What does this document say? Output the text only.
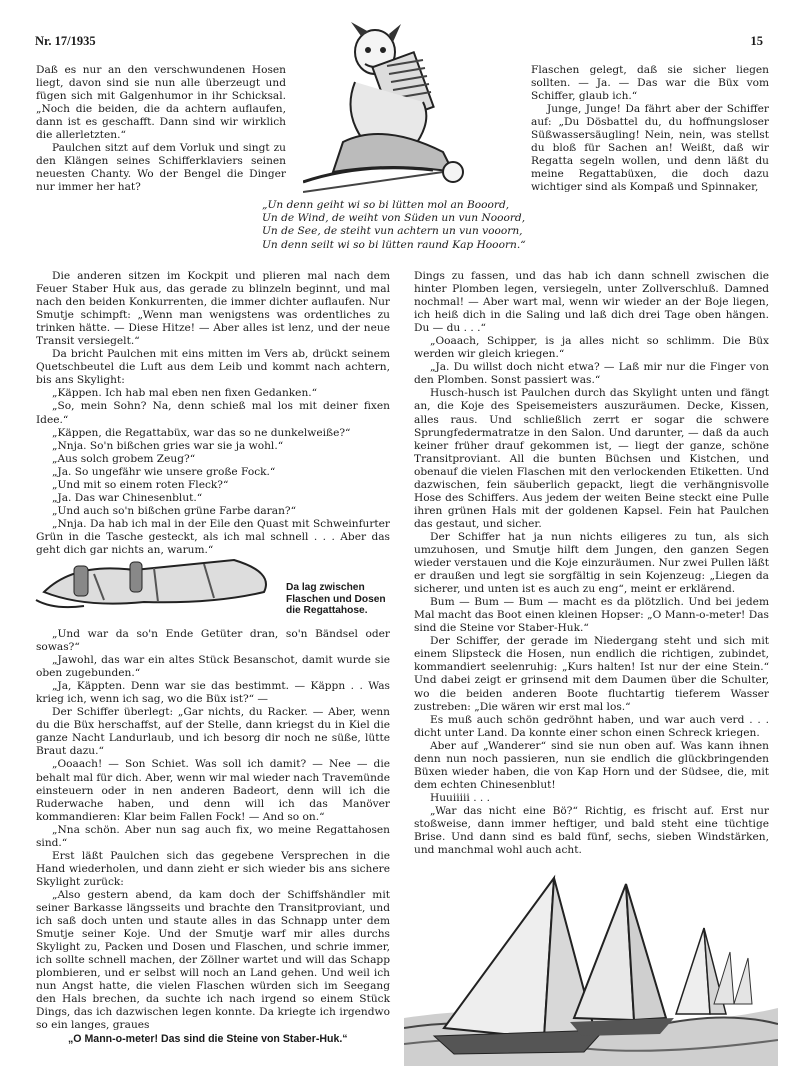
Nr. 17/1935	15

Daß es nur an den verschwundenen Hosen liegt, davon sind sie nun alle überzeugt und fügen sich mit Galgenhumor in ihr Schicksal. „Noch die beiden, die da achtern auflaufen, dann ist es geschafft. Dann sind wir wirklich die allerletzten.“

Paulchen sitzt auf dem Vorluk und singt zu den Klängen seines Schifferklaviers seinen neuesten Chanty. Wo der Bengel die Dinger nur immer her hat?

Flaschen gelegt, daß sie sicher liegen sollten. — Ja. — Das war die Büx vom Schiffer, glaub ich.“

Junge, Junge! Da fährt aber der Schiffer auf: „Du Dösbattel du, du hoffnungsloser Süßwassersäugling! Nein, nein, was stellst du bloß für Sachen an! Weißt, daß wir Regatta segeln wollen, und denn läßt du meine Regattabüxen, die doch dazu wichtiger sind als Kompaß und Spinnaker,

„Un denn geiht wi so bi lütten mol an Booord,
Un de Wind, de weiht von Süden un vun Nooord,
Un de See, de steiht vun achtern un vun vooorn,
Un denn seilt wi so bi lütten raund Kap Hooorn.“

Die anderen sitzen im Kockpit und plieren mal nach dem Feuer Staber Huk aus, das gerade zu blinzeln beginnt, und mal nach den beiden Konkurrenten, die immer dichter auflaufen. Nur Smutje schimpft: „Wenn man wenigstens was ordentliches zu trinken hätte. — Diese Hitze! — Aber alles ist lenz, und der neue Transit versiegelt.“

Da bricht Paulchen mit eins mitten im Vers ab, drückt seinem Quetschbeutel die Luft aus dem Leib und kommt nach achtern, bis ans Skylight:

„Käppen. Ich hab mal eben nen fixen Gedanken.“

„So, mein Sohn? Na, denn schieß mal los mit deiner fixen Idee.“

„Käppen, die Regattabüx, war das so ne dunkelweiße?“

„Nnja. So'n bißchen gries war sie ja wohl.“

„Aus solch grobem Zeug?“

„Ja. So ungefähr wie unsere große Fock.“

„Und mit so einem roten Fleck?“

„Ja. Das war Chinesenblut.“

„Und auch so'n bißchen grüne Farbe daran?“

„Nnja. Da hab ich mal in der Eile den Quast mit Schweinfurter Grün in die Tasche gesteckt, als ich mal schnell . . . Aber das geht dich gar nichts an, warum.“

Da lag zwischen Flaschen und Dosen die Regattahose.

„Und war da so'n Ende Getüter dran, so'n Bändsel oder sowas?“

„Jawohl, das war ein altes Stück Besanschot, damit wurde sie oben zugebunden.“

„Ja, Käppten. Denn war sie das bestimmt. — Käppn . . Was krieg ich, wenn ich sag, wo die Büx ist?“ —

Der Schiffer überlegt: „Gar nichts, du Racker. — Aber, wenn du die Büx herschaffst, auf der Stelle, dann kriegst du in Kiel die ganze Nacht Landurlaub, und ich besorg dir noch ne süße, lütte Braut dazu.“

„Ooaach! — Son Schiet. Was soll ich damit? — Nee — die behalt mal für dich. Aber, wenn wir mal wieder nach Travemünde einsteuern oder in nen anderen Badeort, denn will ich die Ruderwache haben, und denn will ich das Manöver kommandieren: Klar beim Fallen Fock! — And so on.“

„Nna schön. Aber nun sag auch fix, wo meine Regattahosen sind.“

Erst läßt Paulchen sich das gegebene Versprechen in die Hand wiederholen, und dann zieht er sich wieder bis ans sichere Skylight zurück:

„Also gestern abend, da kam doch der Schiffshändler mit seiner Barkasse längsseits und brachte den Transitproviant, und ich saß doch unten und staute alles in das Schnapp unter dem Smutje seiner Koje. Und der Smutje warf mir alles durchs Skylight zu, Packen und Dosen und Flaschen, und schrie immer, ich sollte schnell machen, der Zöllner wartet und will das Schapp plombieren, und er selbst will noch an Land gehen. Und weil ich nun Angst hatte, die vielen Flaschen würden sich im Seegang den Hals brechen, da suchte ich nach irgend so einem Stück Dings, das ich dazwischen legen konnte. Da kriegte ich irgendwo so ein langes, graues

Dings zu fassen, und das hab ich dann schnell zwischen die hinter Plomben legen, versiegeln, unter Zollverschluß. Damned nochmal! — Aber wart mal, wenn wir wieder an der Boje liegen, ich heiß dich in die Saling und laß dich drei Tage oben hängen. Du — du . . .“

„Ooaach, Schipper, is ja alles nicht so schlimm. Die Büx werden wir gleich kriegen.“

„Ja. Du willst doch nicht etwa? — Laß mir nur die Finger von den Plomben. Sonst passiert was.“

Husch-husch ist Paulchen durch das Skylight unten und fängt an, die Koje des Speisemeisters auszuräumen. Decke, Kissen, alles raus. Und schließlich zerrt er sogar die schwere Sprungfedermatratze in den Salon. Und darunter, — daß da auch keiner früher drauf gekommen ist, — liegt der ganze, schöne Transitproviant. All die bunten Büchsen und Kistchen, und obenauf die vielen Flaschen mit den verlockenden Etiketten. Und dazwischen, fein säuberlich gepackt, liegt die verhängnisvolle Hose des Schiffers. Aus jedem der weiten Beine steckt eine Pulle ihren grünen Hals mit der goldenen Kapsel. Fein hat Paulchen das gestaut, und sicher.

Der Schiffer hat ja nun nichts eiligeres zu tun, als sich umzuhosen, und Smutje hilft dem Jungen, den ganzen Segen wieder verstauen und die Koje einzuräumen. Nur zwei Pullen läßt er draußen und legt sie sorgfältig in sein Kojenzeug: „Liegen da sicherer, und unten ist es auch zu eng“, meint er erklärend.

Bum — Bum — Bum — macht es da plötzlich. Und bei jedem Mal macht das Boot einen kleinen Hopser: „O Mann-o-meter! Das sind die Steine vor Staber-Huk.“

Der Schiffer, der gerade im Niedergang steht und sich mit einem Slipsteck die Hosen, nun endlich die richtigen, zubindet, kommandiert seelenruhig: „Kurs halten! Ist nur der eine Stein.“ Und dabei zeigt er grinsend mit dem Daumen über die Schulter, wo die beiden anderen Boote fluchtartig tieferem Wasser zustreben: „Die wären wir erst mal los.“

Es muß auch schön gedröhnt haben, und war auch verd . . . dicht unter Land. Da konnte einer schon einen Schreck kriegen.

Aber auf „Wanderer“ sind sie nun oben auf. Was kann ihnen denn nun noch passieren, nun sie endlich die glückbringenden Büxen wieder haben, die von Kap Horn und der Südsee, die, mit dem echten Chinesenblut!

Huuiiiii . . .

„War das nicht eine Bö?“ Richtig, es frischt auf. Erst nur stoßweise, dann immer heftiger, und bald steht eine tüchtige Brise. Und dann sind es bald fünf, sechs, sieben Windstärken, und manchmal wohl auch acht.

„O Mann-o-meter! Das sind die Steine von Staber-Huk.“
